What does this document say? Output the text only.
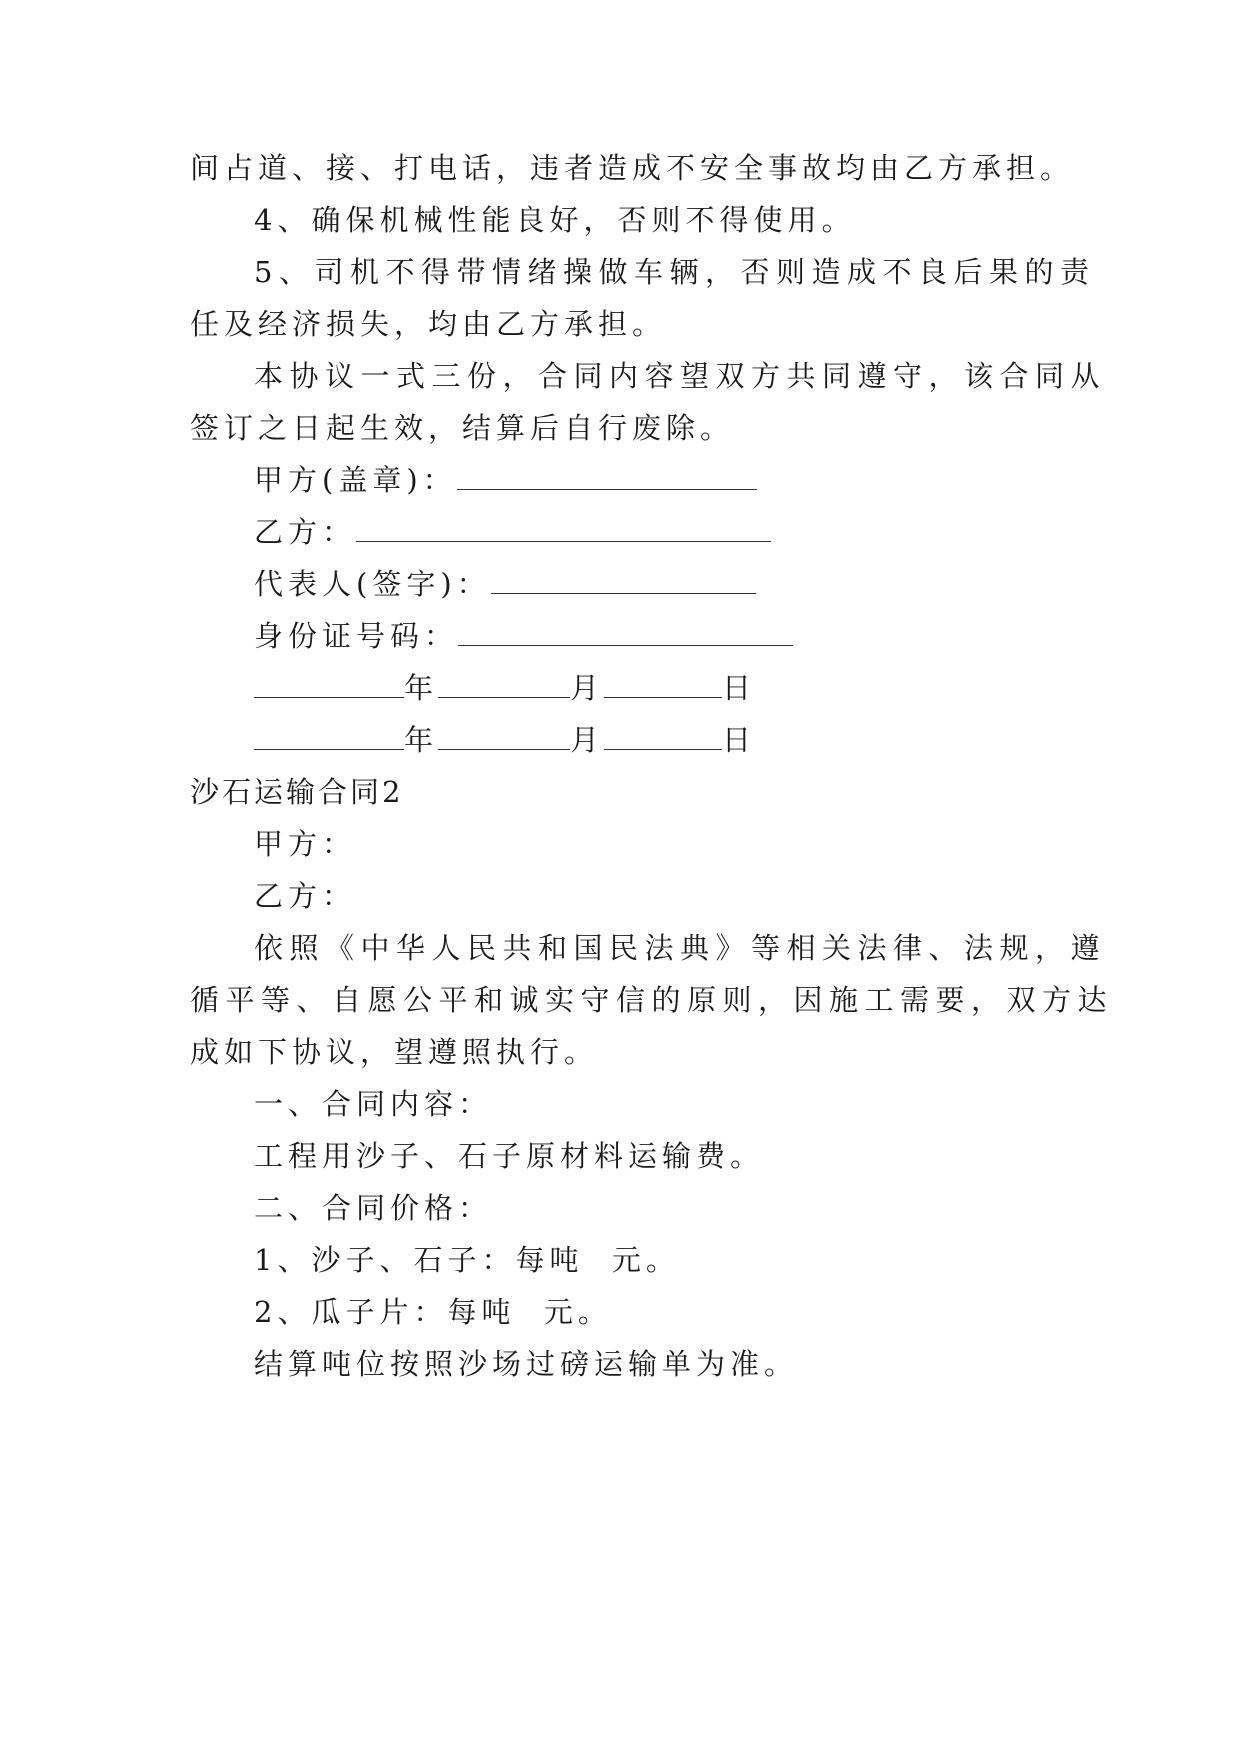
间占道、接、打电话，违者造成不安全事故均由乙方承担。
4、确保机械性能良好，否则不得使用。
5、司机不得带情绪操做车辆，否则造成不良后果的责
任及经济损失，均由乙方承担。
本协议一式三份，合同内容望双方共同遵守，该合同从
签订之日起生效，结算后自行废除。
甲方(盖章)：
乙方：
代表人(签字)：
身份证号码：
年	月	日
年	月	日
沙石运输合同2
甲方：
乙方：
依照《中华人民共和国民法典》等相关法律、法规，遵
循平等、自愿公平和诚实守信的原则，因施工需要，双方达
成如下协议，望遵照执行。
一、合同内容：
工程用沙子、石子原材料运输费。
二、合同价格：
1、沙子、石子：每吨  元。
2、瓜子片：每吨  元。
结算吨位按照沙场过磅运输单为准。
